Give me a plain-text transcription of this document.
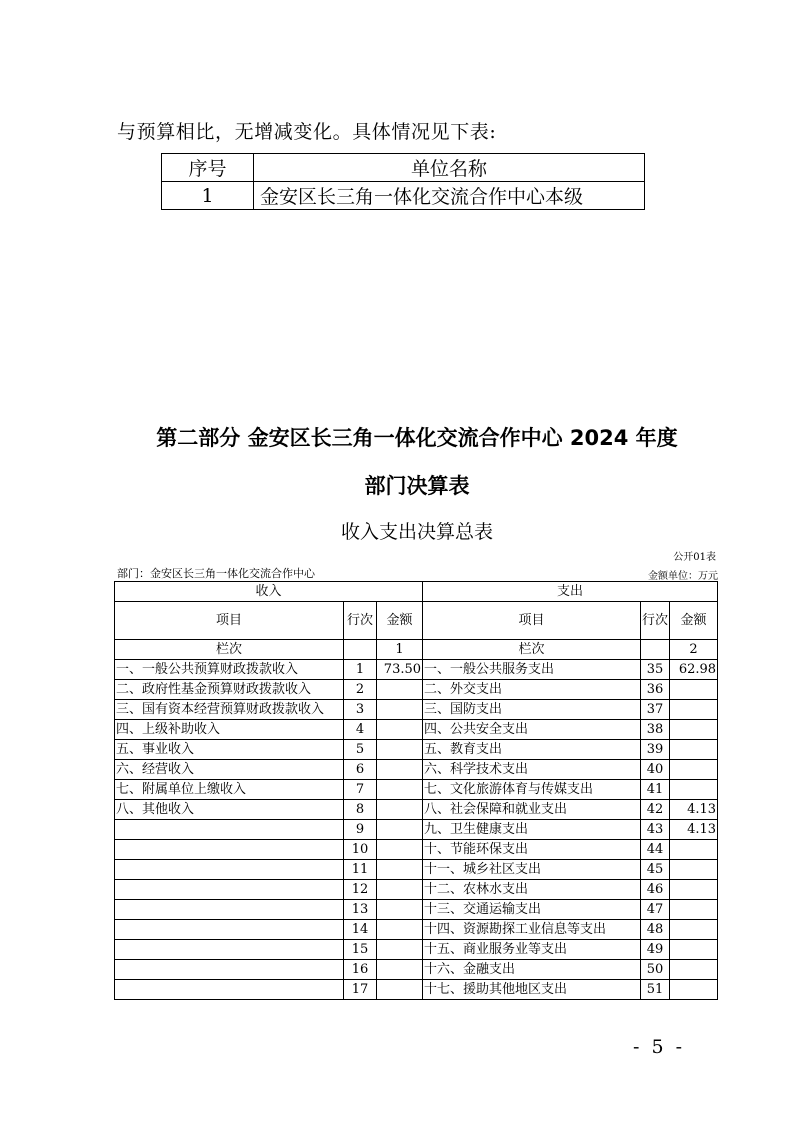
与预算相比，无增减变化。具体情况见下表:
序号	单位名称
1	金安区长三角一体化交流合作中心本级
第二部分 金安区长三角一体化交流合作中心 2024 年度
部门决算表
收入支出决算总表
公开01表
部门：金安区长三角一体化交流合作中心	金额单位：万元
收入			支出		
项目	行次	金额	项目	行次	金额
栏次		1	栏次		2
一、一般公共预算财政拨款收入	1	73.50	一、一般公共服务支出	35	62.98
二、政府性基金预算财政拨款收入	2		二、外交支出	36	
三、国有资本经营预算财政拨款收入	3		三、国防支出	37	
四、上级补助收入	4		四、公共安全支出	38	
五、事业收入	5		五、教育支出	39	
六、经营收入	6		六、科学技术支出	40	
七、附属单位上缴收入	7		七、文化旅游体育与传媒支出	41	
八、其他收入	8		八、社会保障和就业支出	42	4.13
	9		九、卫生健康支出	43	4.13
	10		十、节能环保支出	44	
	11		十一、城乡社区支出	45	
	12		十二、农林水支出	46	
	13		十三、交通运输支出	47	
	14		十四、资源勘探工业信息等支出	48	
	15		十五、商业服务业等支出	49	
	16		十六、金融支出	50	
	17		十七、援助其他地区支出	51	
- 5 -
